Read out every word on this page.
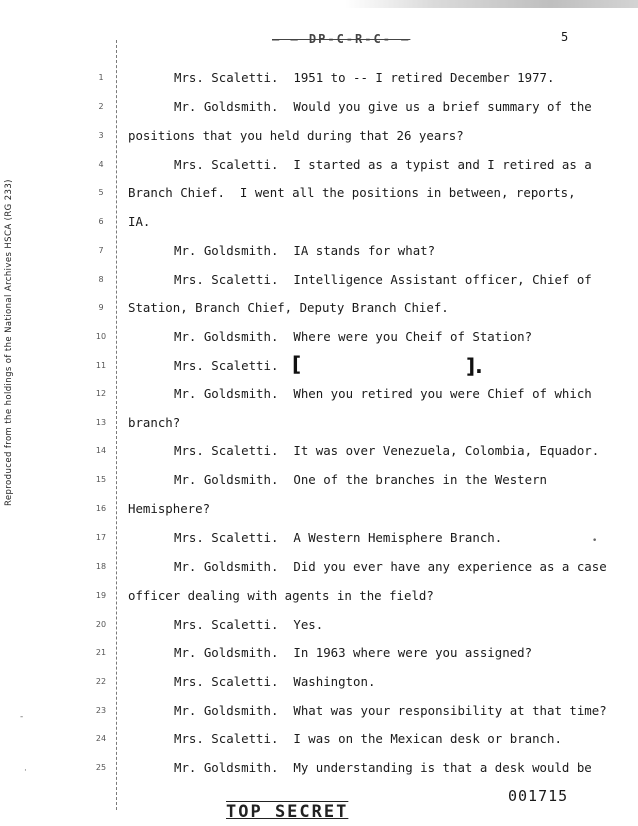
— — DP-C-R-C- —	5
Reproduced from the holdings of the National Archives HSCA (RG 233)
1
2
3
4
5
6
7
8
9
10
11
12
13
14
15
16
17
18
19
20
21
22
23
24
25
Mrs. Scaletti.  1951 to -- I retired December 1977.
Mr. Goldsmith.  Would you give us a brief summary of the
positions that you held during that 26 years?
Mrs. Scaletti.  I started as a typist and I retired as a
Branch Chief.  I went all the positions in between, reports,
IA.
Mr. Goldsmith.  IA stands for what?
Mrs. Scaletti.  Intelligence Assistant officer, Chief of
Station, Branch Chief, Deputy Branch Chief.
Mr. Goldsmith.  Where were you Cheif of Station?
Mrs. Scaletti.
Mr. Goldsmith.  When you retired you were Chief of which
branch?
Mrs. Scaletti.  It was over Venezuela, Colombia, Equador.
Mr. Goldsmith.  One of the branches in the Western
Hemisphere?
Mrs. Scaletti.  A Western Hemisphere Branch.
Mr. Goldsmith.  Did you ever have any experience as a case
officer dealing with agents in the field?
Mrs. Scaletti.  Yes.
Mr. Goldsmith.  In 1963 where were you assigned?
Mrs. Scaletti.  Washington.
Mr. Goldsmith.  What was your responsibility at that time?
Mrs. Scaletti.  I was on the Mexican desk or branch.
Mr. Goldsmith.  My understanding is that a desk would be
[	].
•
-
·
001715
TOP SECRET
